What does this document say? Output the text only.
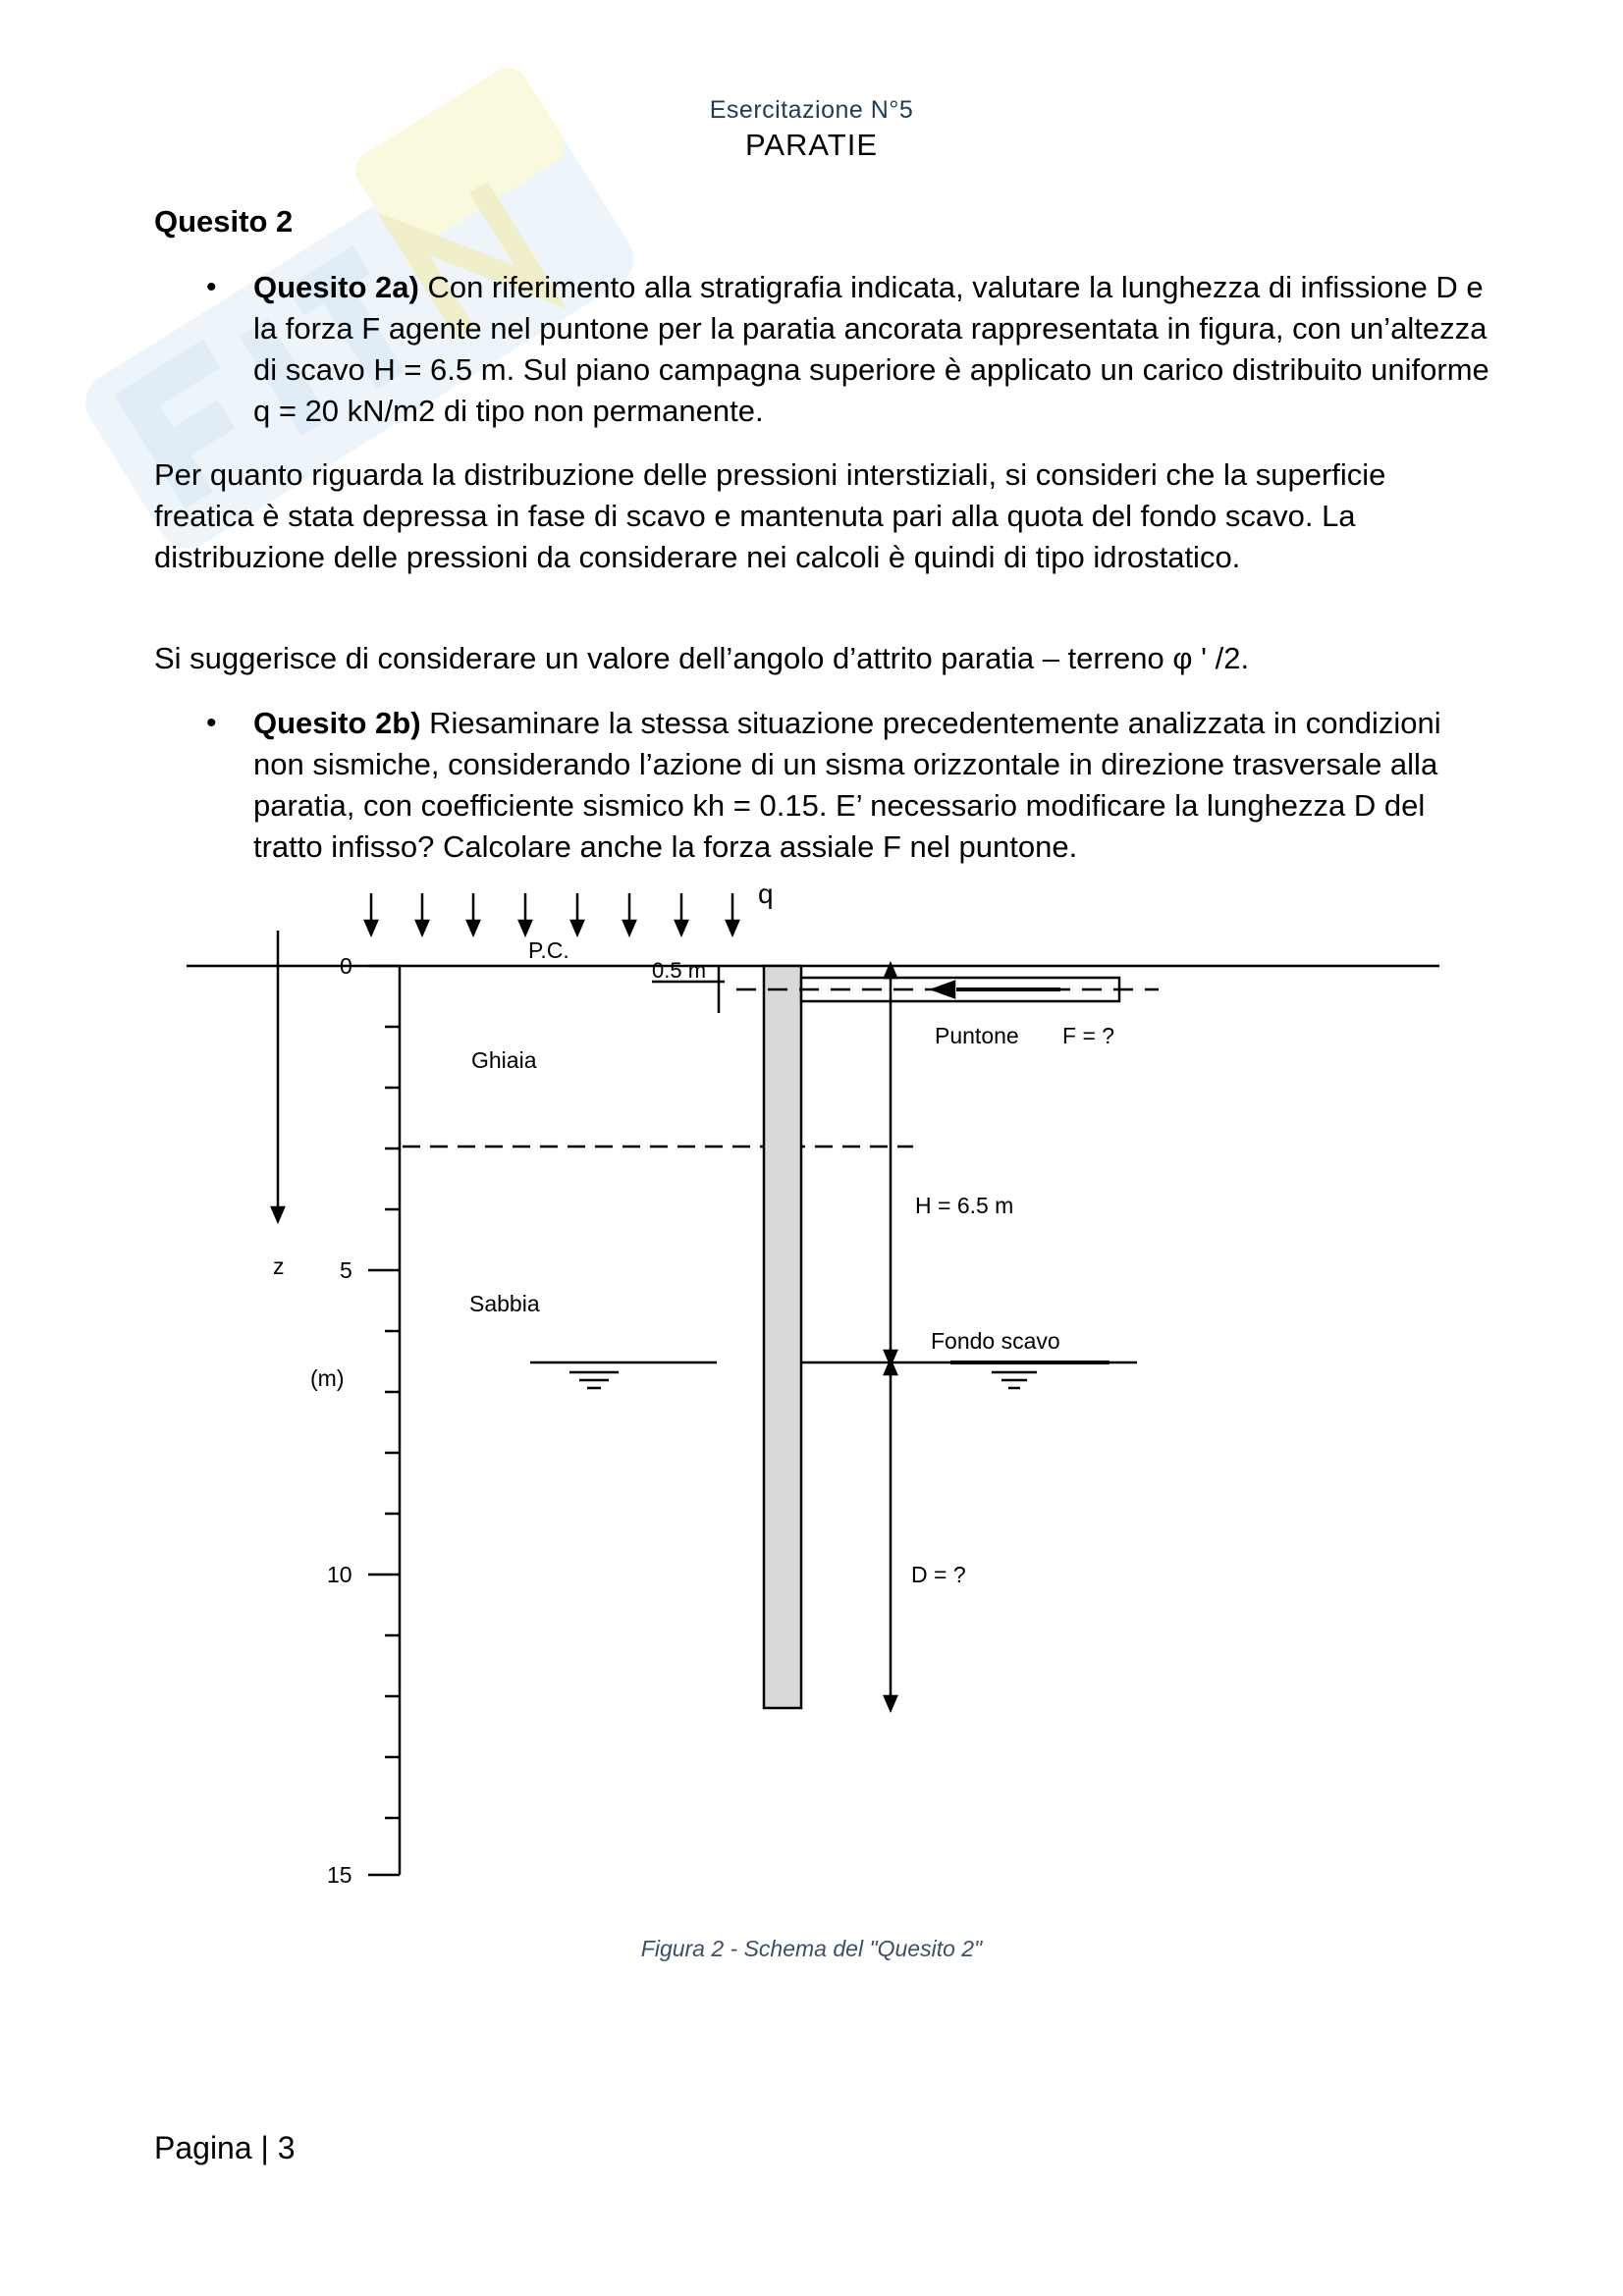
Esercitazione N°5
PARATIE
Quesito 2
• Quesito 2a) Con riferimento alla stratigrafia indicata, valutare la lunghezza di infissione D e la forza F agente nel puntone per la paratia ancorata rappresentata in figura, con un’altezza di scavo H = 6.5 m. Sul piano campagna superiore è applicato un carico distribuito uniforme q = 20 kN/m2 di tipo non permanente.
Per quanto riguarda la distribuzione delle pressioni interstiziali, si consideri che la superficie freatica è stata depressa in fase di scavo e mantenuta pari alla quota del fondo scavo. La distribuzione delle pressioni da considerare nei calcoli è quindi di tipo idrostatico.
Si suggerisce di considerare un valore dell’angolo d’attrito paratia – terreno φ ' /2.
• Quesito 2b) Riesaminare la stessa situazione precedentemente analizzata in condizioni non sismiche, considerando l’azione di un sisma orizzontale in direzione trasversale alla paratia, con coefficiente sismico kh = 0.15. E’ necessario modificare la lunghezza D del tratto infisso? Calcolare anche la forza assiale F nel puntone.
q
P.C.
0.5 m
Puntone F = ?
Ghiaia
Sabbia
H = 6.5 m
Fondo scavo
D = ?
z
(m)
0
5
10
15
Figura 2 - Schema del "Quesito 2"
Pagina | 3
